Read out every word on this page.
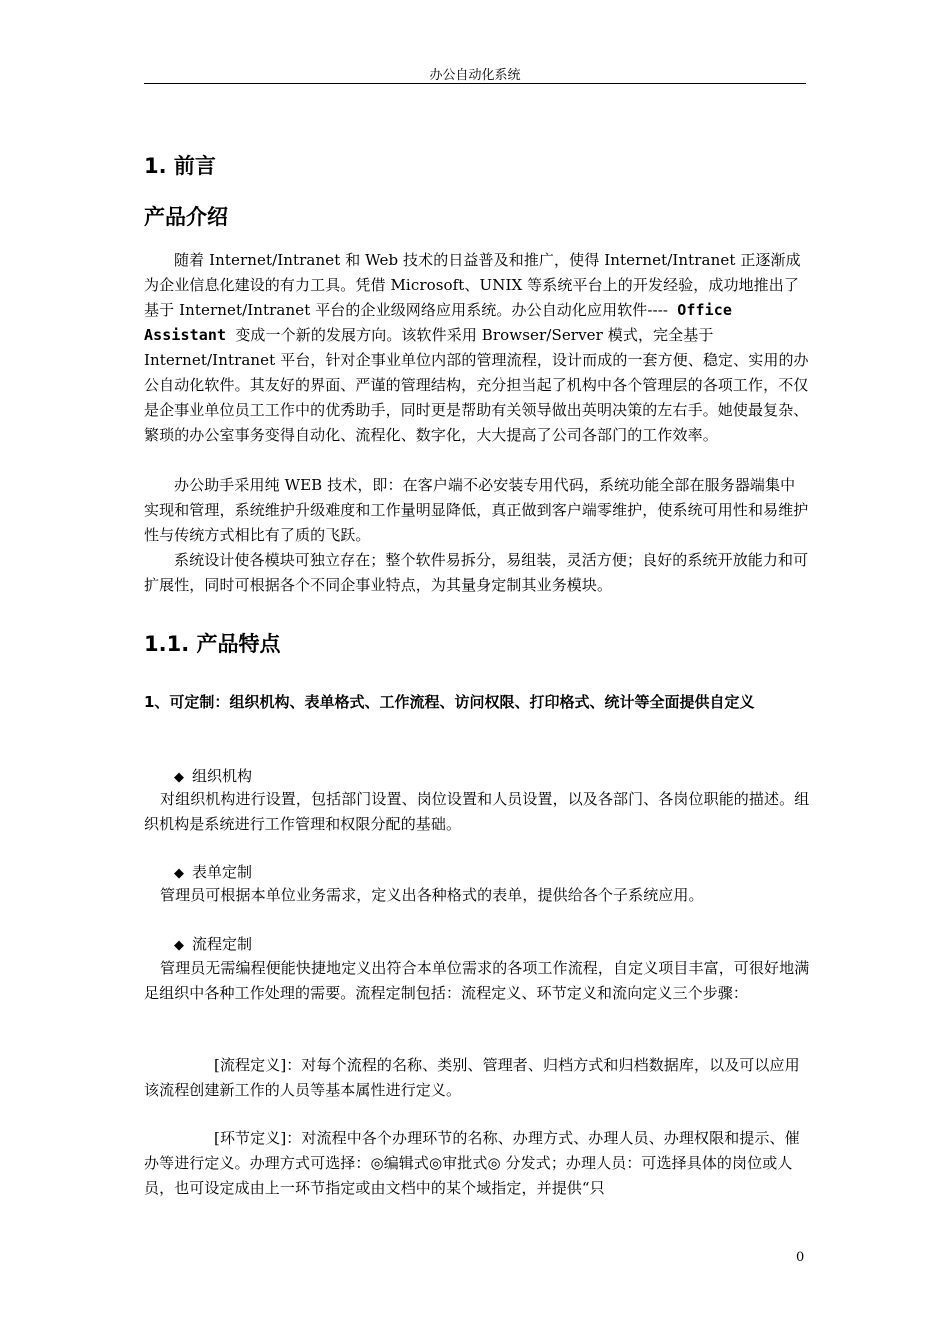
办公自动化系统
1. 前言
产品介绍
随着 Internet/Intranet 和 Web 技术的日益普及和推广，使得 Internet/Intranet 正逐渐成为企业信息化建设的有力工具。凭借 Microsoft、UNIX 等系统平台上的开发经验，成功地推出了基于 Internet/Intranet 平台的企业级网络应用系统。办公自动化应用软件---- Office Assistant 变成一个新的发展方向。该软件采用 Browser/Server 模式，完全基于 Internet/Intranet 平台，针对企事业单位内部的管理流程，设计而成的一套方便、稳定、实用的办公自动化软件。其友好的界面、严谨的管理结构，充分担当起了机构中各个管理层的各项工作，不仅是企事业单位员工工作中的优秀助手，同时更是帮助有关领导做出英明决策的左右手。她使最复杂、繁琐的办公室事务变得自动化、流程化、数字化，大大提高了公司各部门的工作效率。
办公助手采用纯 WEB 技术，即：在客户端不必安装专用代码，系统功能全部在服务器端集中实现和管理，系统维护升级难度和工作量明显降低，真正做到客户端零维护，使系统可用性和易维护性与传统方式相比有了质的飞跃。
系统设计使各模块可独立存在；整个软件易拆分，易组装，灵活方便；良好的系统开放能力和可扩展性，同时可根据各个不同企事业特点，为其量身定制其业务模块。
1.1. 产品特点
1、可定制：组织机构、表单格式、工作流程、访问权限、打印格式、统计等全面提供自定义
◆ 组织机构
对组织机构进行设置，包括部门设置、岗位设置和人员设置，以及各部门、各岗位职能的描述。组织机构是系统进行工作管理和权限分配的基础。
◆ 表单定制
管理员可根据本单位业务需求，定义出各种格式的表单，提供给各个子系统应用。
◆ 流程定制
管理员无需编程便能快捷地定义出符合本单位需求的各项工作流程，自定义项目丰富，可很好地满足组织中各种工作处理的需要。流程定制包括：流程定义、环节定义和流向定义三个步骤：
[流程定义]：对每个流程的名称、类别、管理者、归档方式和归档数据库，以及可以应用该流程创建新工作的人员等基本属性进行定义。
[环节定义]：对流程中各个办理环节的名称、办理方式、办理人员、办理权限和提示、催办等进行定义。办理方式可选择：◎编辑式◎审批式◎ 分发式；办理人员：可选择具体的岗位或人员，也可设定成由上一环节指定或由文档中的某个域指定，并提供“只
0
